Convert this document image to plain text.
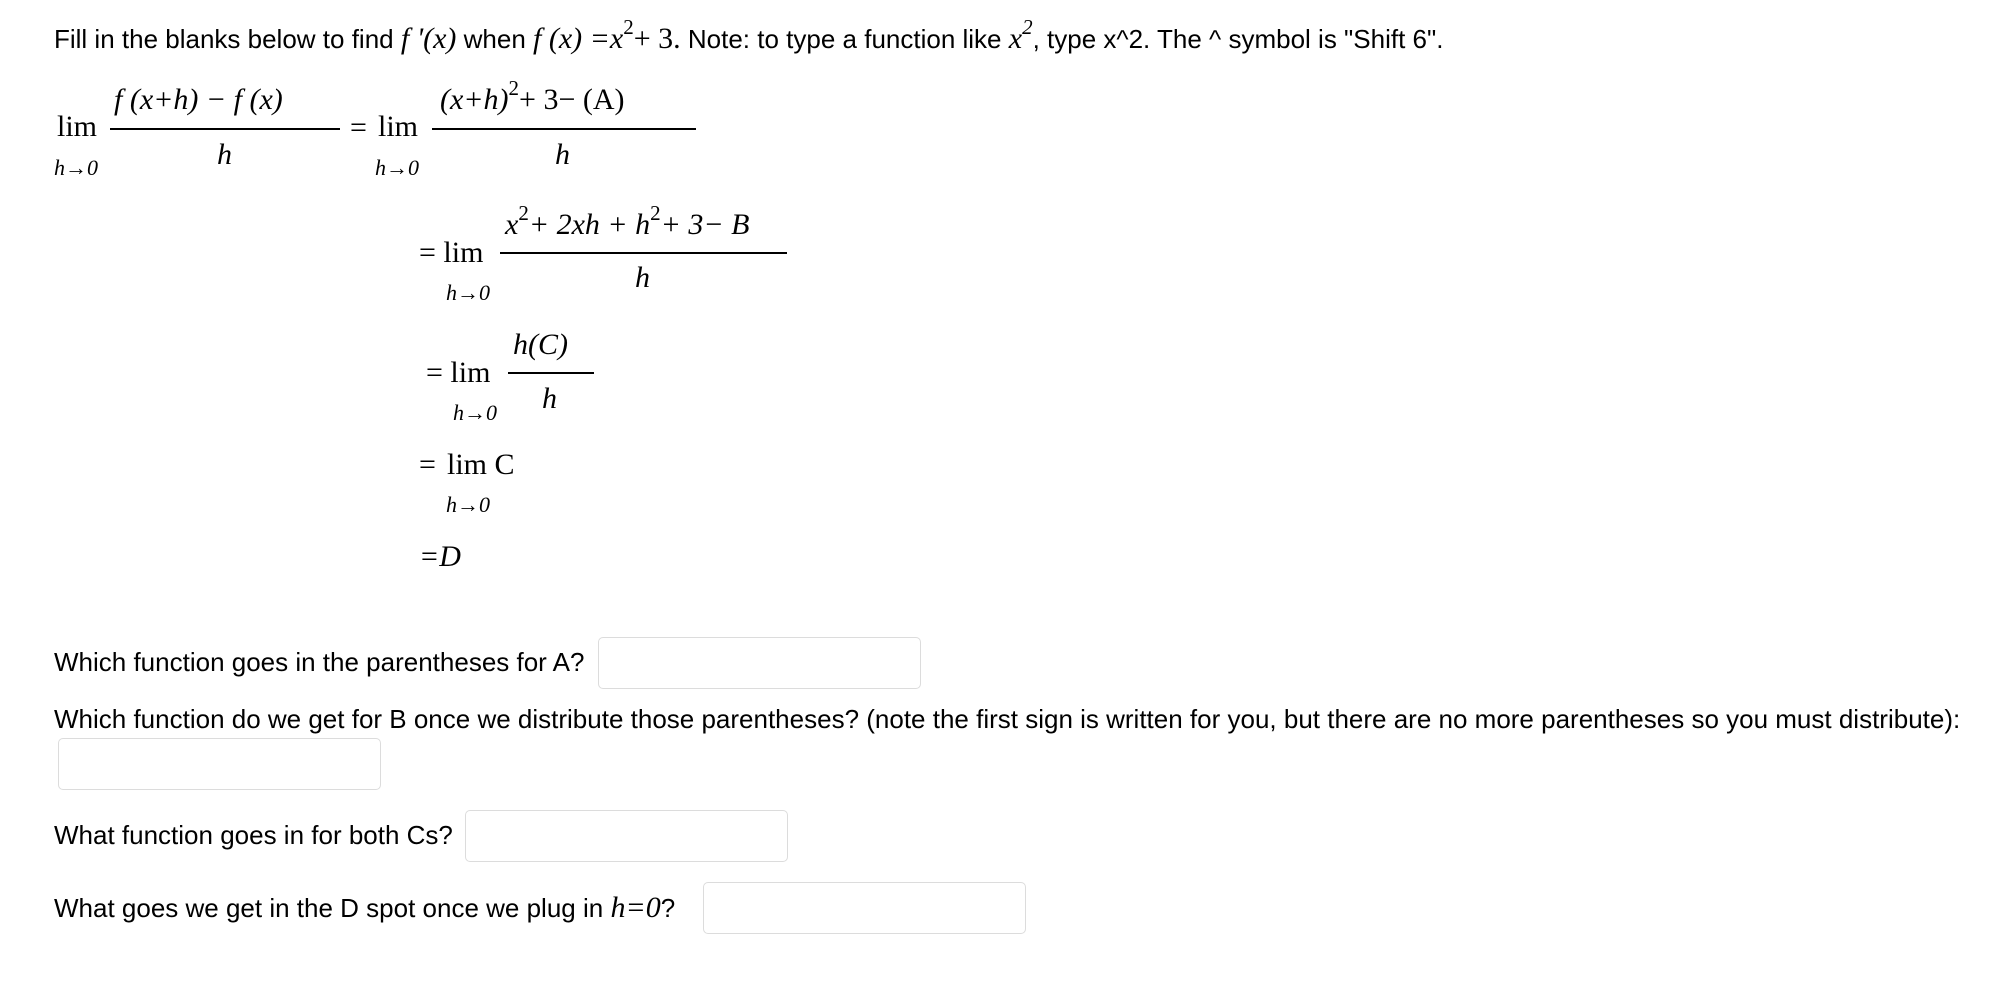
Fill in the blanks below to find f '(x) when f $(x) =x^2+ 3$. Note: to type a function like $x^2$, type x^2. The ^ symbol is "Shift 6".
lim
h→0
f (x+h) − f (x)
h
= lim
h→0
$(x+h)^2+ 3- (A)$
h
= lim
h→0
$x^2+ 2xh + h^2+ 3- B$
h
= lim
h→0
h(C)
h
= lim C
h→0
=D
Which function goes in the parentheses for A?
Which function do we get for B once we distribute those parentheses? (note the first sign is written for you, but there are no more parentheses so you must distribute):
What function goes in for both Cs?
What goes we get in the D spot once we plug in h=0?
